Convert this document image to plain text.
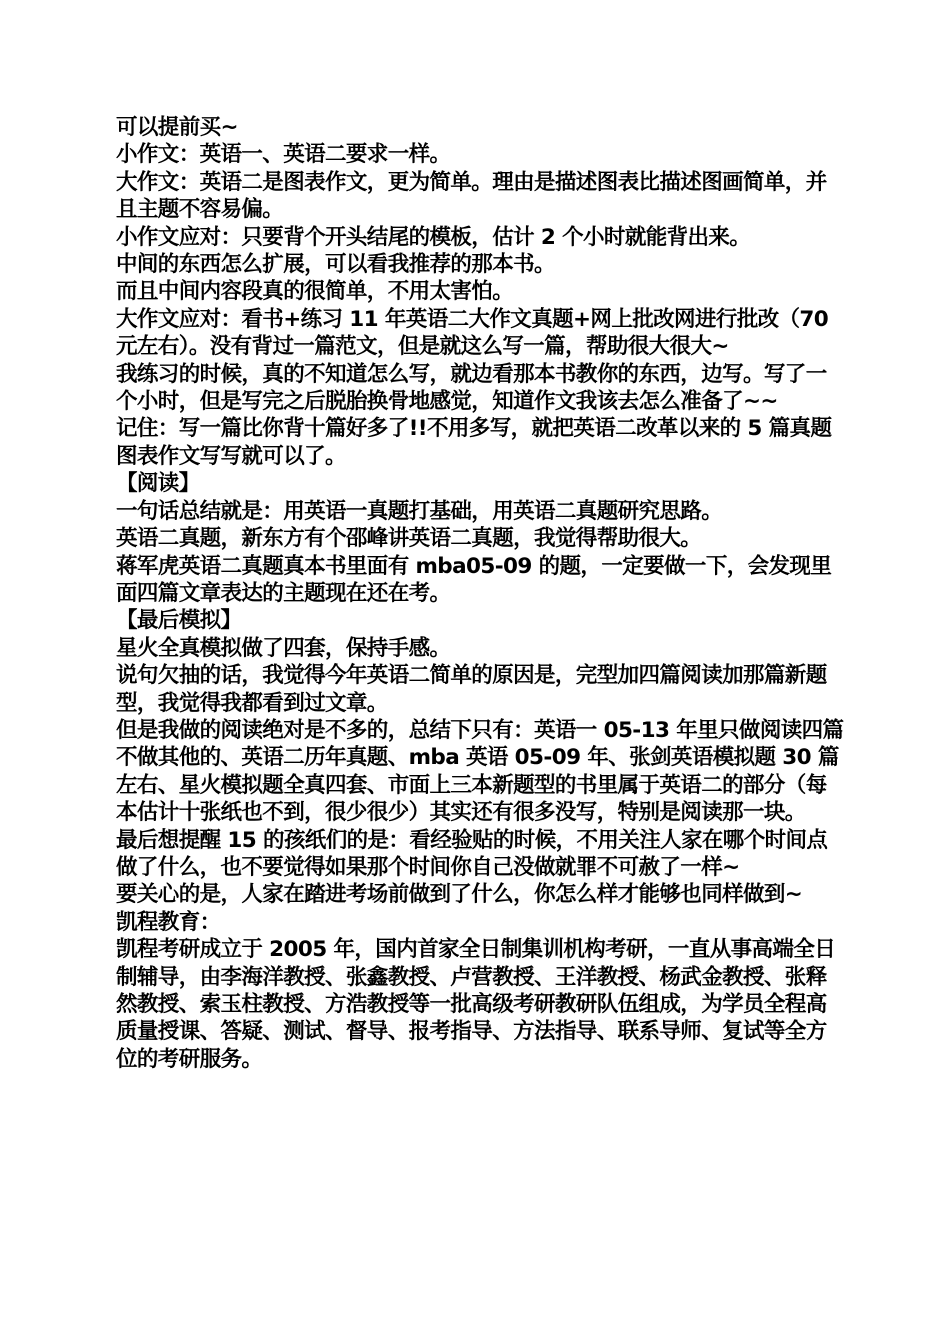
可以提前买~

小作文：英语一、英语二要求一样。

大作文：英语二是图表作文，更为简单。理由是描述图表比描述图画简单，并且主题不容易偏。

小作文应对：只要背个开头结尾的模板，估计 2 个小时就能背出来。

中间的东西怎么扩展，可以看我推荐的那本书。

而且中间内容段真的很简单，不用太害怕。

大作文应对：看书+练习 11 年英语二大作文真题+网上批改网进行批改（70 元左右）。没有背过一篇范文，但是就这么写一篇，帮助很大很大~

我练习的时候，真的不知道怎么写，就边看那本书教你的东西，边写。写了一个小时，但是写完之后脱胎换骨地感觉，知道作文我该去怎么准备了~~

记住：写一篇比你背十篇好多了!!不用多写，就把英语二改革以来的 5 篇真题图表作文写写就可以了。

【阅读】

一句话总结就是：用英语一真题打基础，用英语二真题研究思路。

英语二真题，新东方有个邵峰讲英语二真题，我觉得帮助很大。

蒋军虎英语二真题真本书里面有 mba05-09 的题，一定要做一下，会发现里面四篇文章表达的主题现在还在考。

【最后模拟】

星火全真模拟做了四套，保持手感。

说句欠抽的话，我觉得今年英语二简单的原因是，完型加四篇阅读加那篇新题型，我觉得我都看到过文章。

但是我做的阅读绝对是不多的，总结下只有：英语一 05-13 年里只做阅读四篇不做其他的、英语二历年真题、mba 英语 05-09 年、张剑英语模拟题 30 篇左右、星火模拟题全真四套、市面上三本新题型的书里属于英语二的部分（每本估计十张纸也不到，很少很少）其实还有很多没写，特别是阅读那一块。

最后想提醒 15 的孩纸们的是：看经验贴的时候，不用关注人家在哪个时间点做了什么，也不要觉得如果那个时间你自己没做就罪不可赦了一样~

要关心的是，人家在踏进考场前做到了什么，你怎么样才能够也同样做到~

凯程教育：

凯程考研成立于 2005 年，国内首家全日制集训机构考研，一直从事高端全日制辅导，由李海洋教授、张鑫教授、卢营教授、王洋教授、杨武金教授、张释然教授、索玉柱教授、方浩教授等一批高级考研教研队伍组成，为学员全程高质量授课、答疑、测试、督导、报考指导、方法指导、联系导师、复试等全方位的考研服务。
